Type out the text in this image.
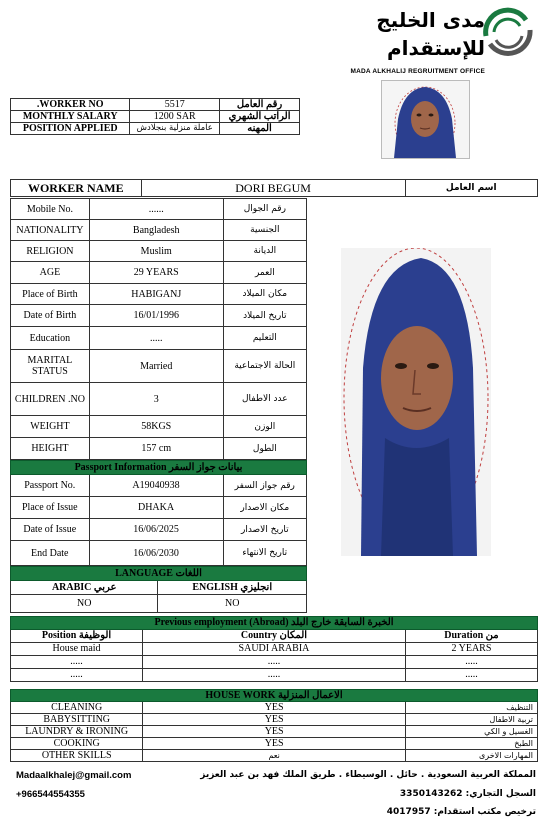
مدى الخليج للإستقدام
MADA ALKHALIJ REGRUITMENT OFFICE
.WORKER NO	5517	رقم العامل
MONTHLY SALARY	1200 SAR	الراتب الشهري
POSITION APPLIED	عاملة منزلية بنجلادش	المهنه
WORKER NAME	DORI BEGUM	اسم العامل
Mobile No.	......	رقم الجوال
NATIONALITY	Bangladesh	الجنسية
RELIGION	Muslim	الديانة
AGE	29 YEARS	العمر
Place of Birth	HABIGANJ	مكان الميلاد
Date of Birth	16/01/1996	تاريخ الميلاد
Education	.....	التعليم
MARITAL STATUS	Married	الحالة الاجتماعية
CHILDREN .NO	3	عدد الاطفال
WEIGHT	58KGS	الوزن
HEIGHT	157 cm	الطول
Passport Information بيانات جواز السفر		
Passport No.	A19040938	رقم جواز السفر
Place of Issue	DHAKA	مكان الاصدار
Date of Issue	16/06/2025	تاريخ الاصدار
End Date	16/06/2030	تاريخ الانتهاء
LANGUAGE اللغات	
ARABIC عربي	ENGLISH انجليزي
NO	NO
Previous employment (Abroad) الخبرة السابقة خارج البلد		
Position الوظيفة	Country المكان	Duration من
House maid	SAUDI ARABIA	2 YEARS
.....	.....	.....
.....	.....	.....
HOUSE WORK الاعمال المنزلية		
CLEANING	YES	التنظيف
BABYSITTING	YES	تربية الاطفال
LAUNDRY & IRONING	YES	الغسيل و الكي
COOKING	YES	الطبخ
OTHER SKILLS	نعم	المهارات الاخرى
Madaalkhalej@gmail.com
+966544554355
المملكة العربية السعودية . حائل . الوسيطاء . طريق الملك فهد بن عبد العزيز
السجل التجاري: 3350143262
ترخيص مكتب استقدام: 4017957
